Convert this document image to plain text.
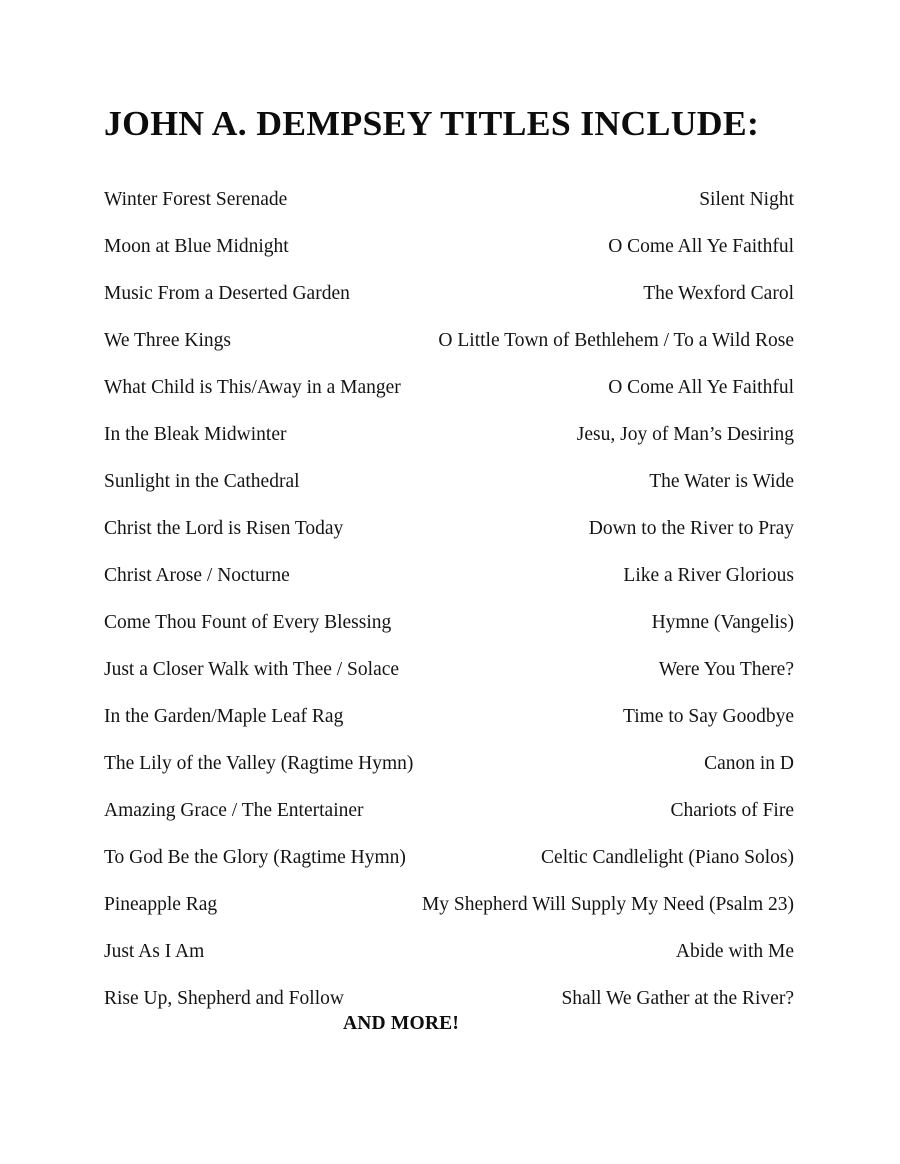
JOHN A. DEMPSEY TITLES INCLUDE:
Winter Forest Serenade	Silent Night
Moon at Blue Midnight	O Come All Ye Faithful
Music From a Deserted Garden	The Wexford Carol
We Three Kings	O Little Town of Bethlehem / To a Wild Rose
What Child is This/Away in a Manger	O Come All Ye Faithful
In the Bleak Midwinter	Jesu, Joy of Man’s Desiring
Sunlight in the Cathedral	The Water is Wide
Christ the Lord is Risen Today	Down to the River to Pray
Christ Arose / Nocturne	Like a River Glorious
Come Thou Fount of Every Blessing	Hymne (Vangelis)
Just a Closer Walk with Thee / Solace	Were You There?
In the Garden/Maple Leaf Rag	Time to Say Goodbye
The Lily of the Valley (Ragtime Hymn)	Canon in D
Amazing Grace / The Entertainer	Chariots of Fire
To God Be the Glory (Ragtime Hymn)	Celtic Candlelight (Piano Solos)
Pineapple Rag	My Shepherd Will Supply My Need (Psalm 23)
Just As I Am	Abide with Me
Rise Up, Shepherd and Follow	Shall We Gather at the River?
AND MORE!
